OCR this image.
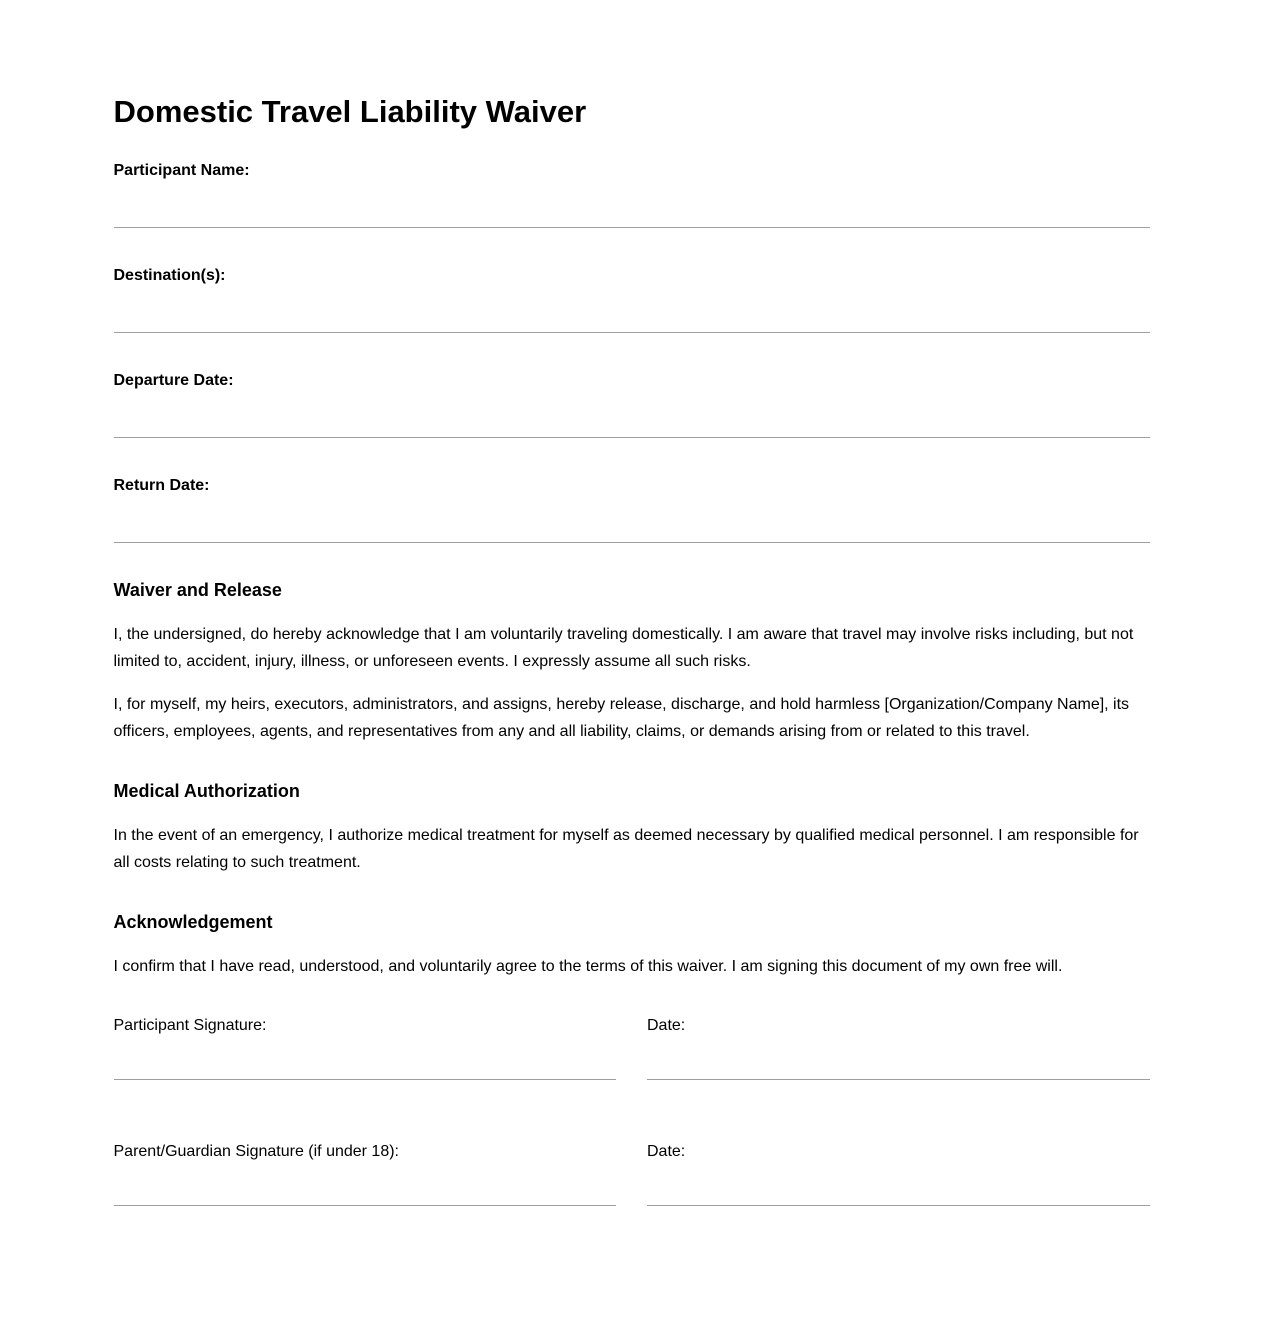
Domestic Travel Liability Waiver
Participant Name:
Destination(s):
Departure Date:
Return Date:
Waiver and Release

I, the undersigned, do hereby acknowledge that I am voluntarily traveling domestically. I am aware that travel may involve risks including, but not limited to, accident, injury, illness, or unforeseen events. I expressly assume all such risks.

I, for myself, my heirs, executors, administrators, and assigns, hereby release, discharge, and hold harmless [Organization/Company Name], its officers, employees, agents, and representatives from any and all liability, claims, or demands arising from or related to this travel.

Medical Authorization

In the event of an emergency, I authorize medical treatment for myself as deemed necessary by qualified medical personnel. I am responsible for all costs relating to such treatment.

Acknowledgement

I confirm that I have read, understood, and voluntarily agree to the terms of this waiver. I am signing this document of my own free will.

Participant Signature:	Date:
Parent/Guardian Signature (if under 18):	Date:
